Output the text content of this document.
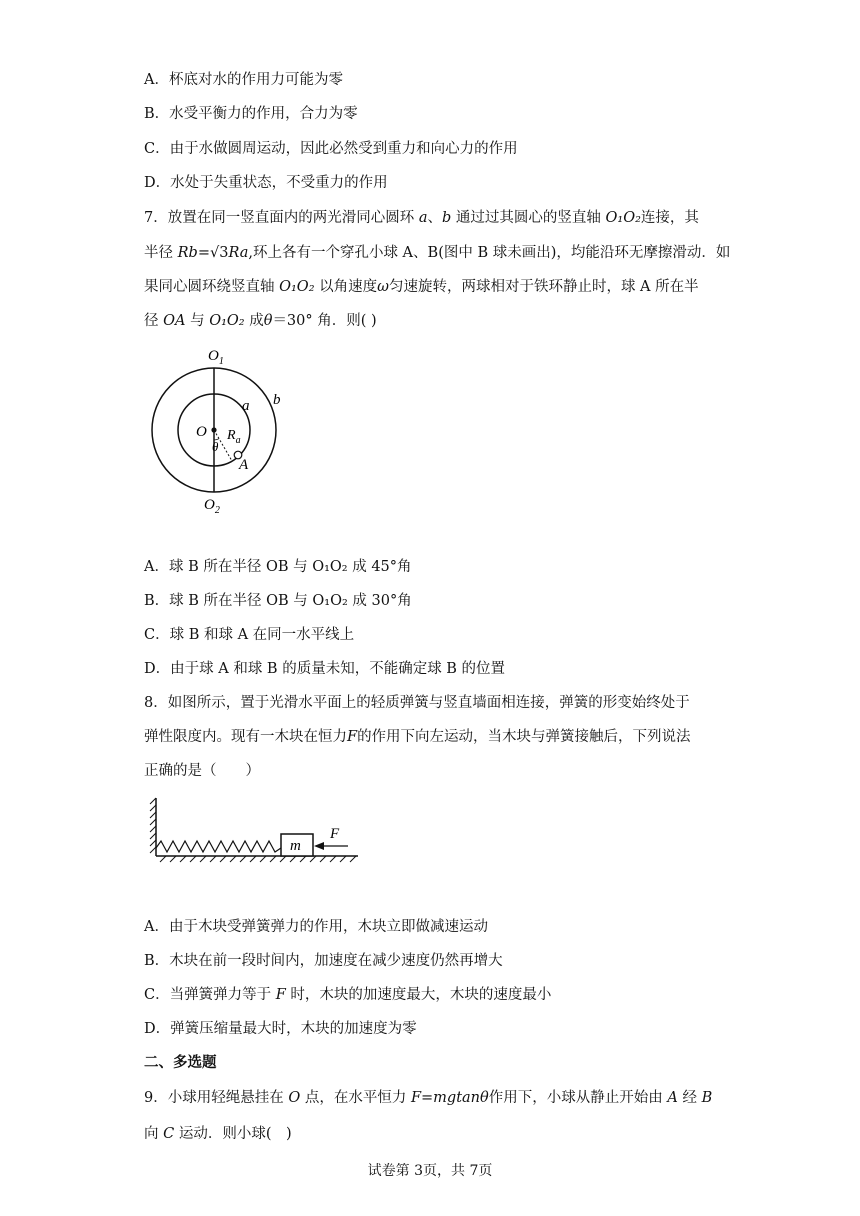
A．杯底对水的作用力可能为零
B．水受平衡力的作用，合力为零
C．由于水做圆周运动，因此必然受到重力和向心力的作用
D．水处于失重状态，不受重力的作用
7．放置在同一竖直面内的两光滑同心圆环 a、b 通过过其圆心的竖直轴 O₁O₂连接，其
半径 Rb=√3Ra,环上各有一个穿孔小球 A、B(图中 B 球未画出)，均能沿环无摩擦滑动．如
果同心圆环绕竖直轴 O₁O₂ 以角速度ω匀速旋转，两球相对于铁环静止时，球 A 所在半
径 OA 与 O₁O₂ 成θ＝30° 角．则( )
$O_1$
$O_2$
O
a b
$R_a$
θ
A
A．球 B 所在半径 OB 与 O₁O₂ 成 45°角
B．球 B 所在半径 OB 与 O₁O₂ 成 30°角
C．球 B 和球 A 在同一水平线上
D．由于球 A 和球 B 的质量未知，不能确定球 B 的位置
8．如图所示，置于光滑水平面上的轻质弹簧与竖直墙面相连接，弹簧的形变始终处于
弹性限度内。现有一木块在恒力F的作用下向左运动，当木块与弹簧接触后，下列说法
正确的是（　　）
m
F
A．由于木块受弹簧弹力的作用，木块立即做减速运动
B．木块在前一段时间内，加速度在减少速度仍然再增大
C．当弹簧弹力等于 F 时，木块的加速度最大，木块的速度最小
D．弹簧压缩量最大时，木块的加速度为零
二、多选题
9．小球用轻绳悬挂在 O 点，在水平恒力 F=mgtanθ作用下，小球从静止开始由 A 经 B
向 C 运动．则小球(　)
试卷第 3页，共 7页
